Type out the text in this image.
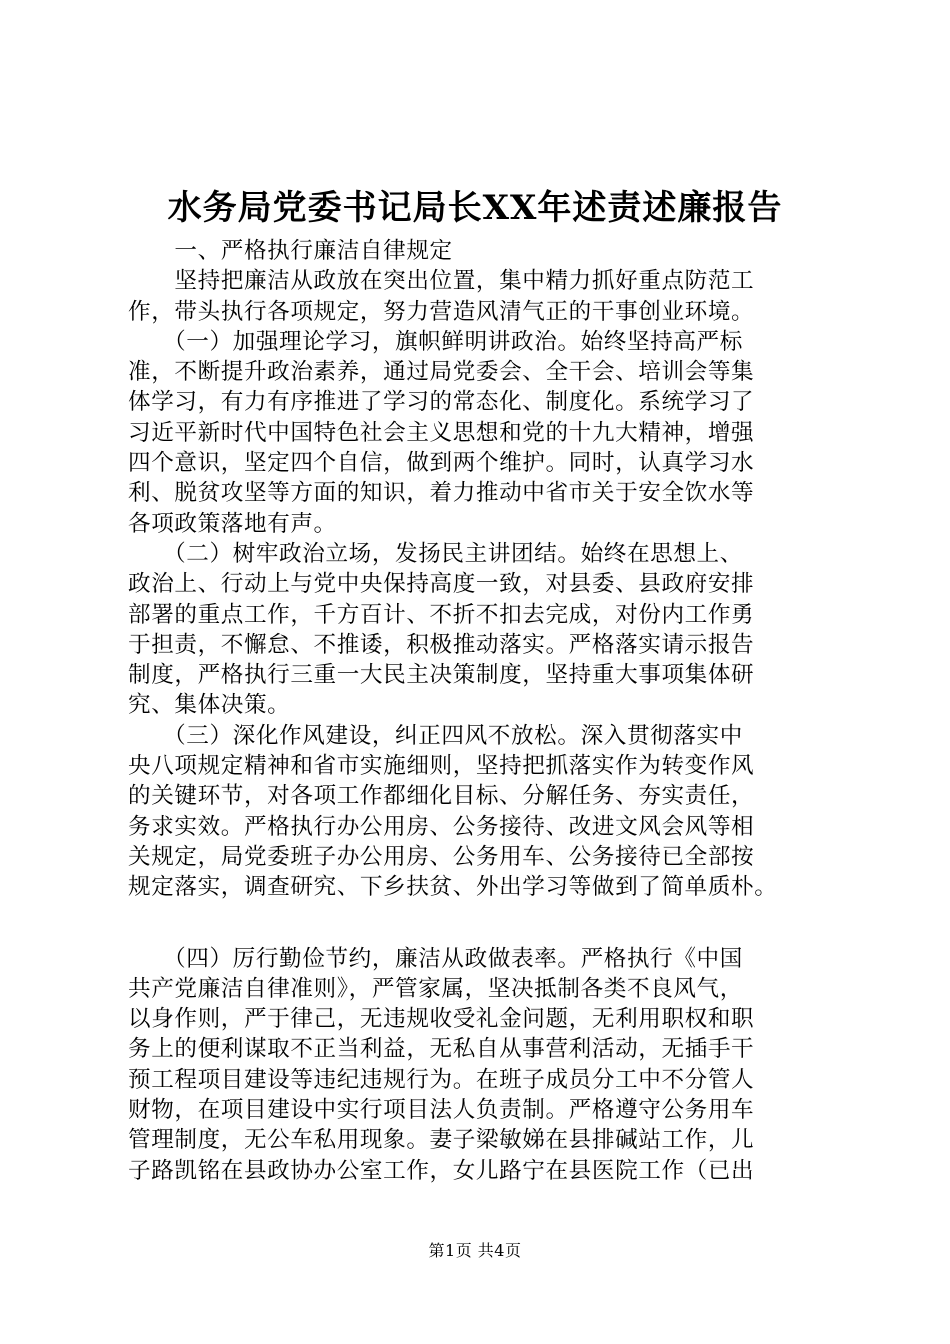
水务局党委书记局长XX年述责述廉报告
　　一、严格执行廉洁自律规定
　　坚持把廉洁从政放在突出位置，集中精力抓好重点防范工
作，带头执行各项规定，努力营造风清气正的干事创业环境。
　　（一）加强理论学习，旗帜鲜明讲政治。始终坚持高严标
准，不断提升政治素养，通过局党委会、全干会、培训会等集
体学习，有力有序推进了学习的常态化、制度化。系统学习了
习近平新时代中国特色社会主义思想和党的十九大精神，增强
四个意识，坚定四个自信，做到两个维护。同时，认真学习水
利、脱贫攻坚等方面的知识，着力推动中省市关于安全饮水等
各项政策落地有声。
　　（二）树牢政治立场，发扬民主讲团结。始终在思想上、
政治上、行动上与党中央保持高度一致，对县委、县政府安排
部署的重点工作，千方百计、不折不扣去完成，对份内工作勇
于担责，不懈怠、不推诿，积极推动落实。严格落实请示报告
制度，严格执行三重一大民主决策制度，坚持重大事项集体研
究、集体决策。
　　（三）深化作风建设，纠正四风不放松。深入贯彻落实中
央八项规定精神和省市实施细则，坚持把抓落实作为转变作风
的关键环节，对各项工作都细化目标、分解任务、夯实责任，
务求实效。严格执行办公用房、公务接待、改进文风会风等相
关规定，局党委班子办公用房、公务用车、公务接待已全部按
规定落实，调查研究、下乡扶贫、外出学习等做到了简单质朴。
　　（四）厉行勤俭节约，廉洁从政做表率。严格执行《中国
共产党廉洁自律准则》，严管家属，坚决抵制各类不良风气，
以身作则，严于律己，无违规收受礼金问题，无利用职权和职
务上的便利谋取不正当利益，无私自从事营利活动，无插手干
预工程项目建设等违纪违规行为。在班子成员分工中不分管人
财物，在项目建设中实行项目法人负责制。严格遵守公务用车
管理制度，无公车私用现象。妻子梁敏娣在县排碱站工作，儿
子路凯铭在县政协办公室工作，女儿路宁在县医院工作（已出
第1页 共4页
